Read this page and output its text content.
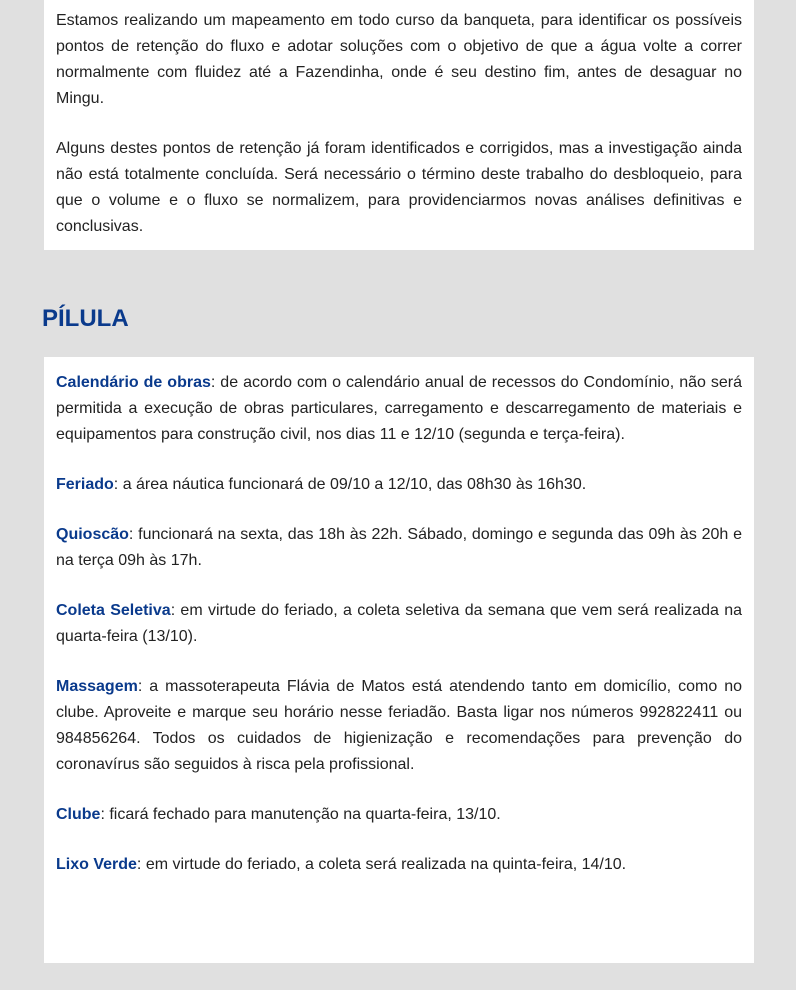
Estamos realizando um mapeamento em todo curso da banqueta, para identificar os possíveis pontos de retenção do fluxo e adotar soluções com o objetivo de que a água volte a correr normalmente com fluidez até a Fazendinha, onde é seu destino fim, antes de desaguar no Mingu.

Alguns destes pontos de retenção já foram identificados e corrigidos, mas a investigação ainda não está totalmente concluída. Será necessário o término deste trabalho do desbloqueio, para que o volume e o fluxo se normalizem, para providenciarmos novas análises definitivas e conclusivas.

PÍLULA

Calendário de obras: de acordo com o calendário anual de recessos do Condomínio, não será permitida a execução de obras particulares, carregamento e descarregamento de materiais e equipamentos para construção civil, nos dias 11 e 12/10 (segunda e terça-feira).

Feriado: a área náutica funcionará de 09/10 a 12/10, das 08h30 às 16h30.

Quioscão: funcionará na sexta, das 18h às 22h. Sábado, domingo e segunda das 09h às 20h e na terça 09h às 17h.

Coleta Seletiva: em virtude do feriado, a coleta seletiva da semana que vem será realizada na quarta-feira (13/10).

Massagem: a massoterapeuta Flávia de Matos está atendendo tanto em domicílio, como no clube. Aproveite e marque seu horário nesse feriadão. Basta ligar nos números 992822411 ou 984856264. Todos os cuidados de higienização e recomendações para prevenção do coronavírus são seguidos à risca pela profissional.

Clube: ficará fechado para manutenção na quarta-feira, 13/10.

Lixo Verde: em virtude do feriado, a coleta será realizada na quinta-feira, 14/10.
